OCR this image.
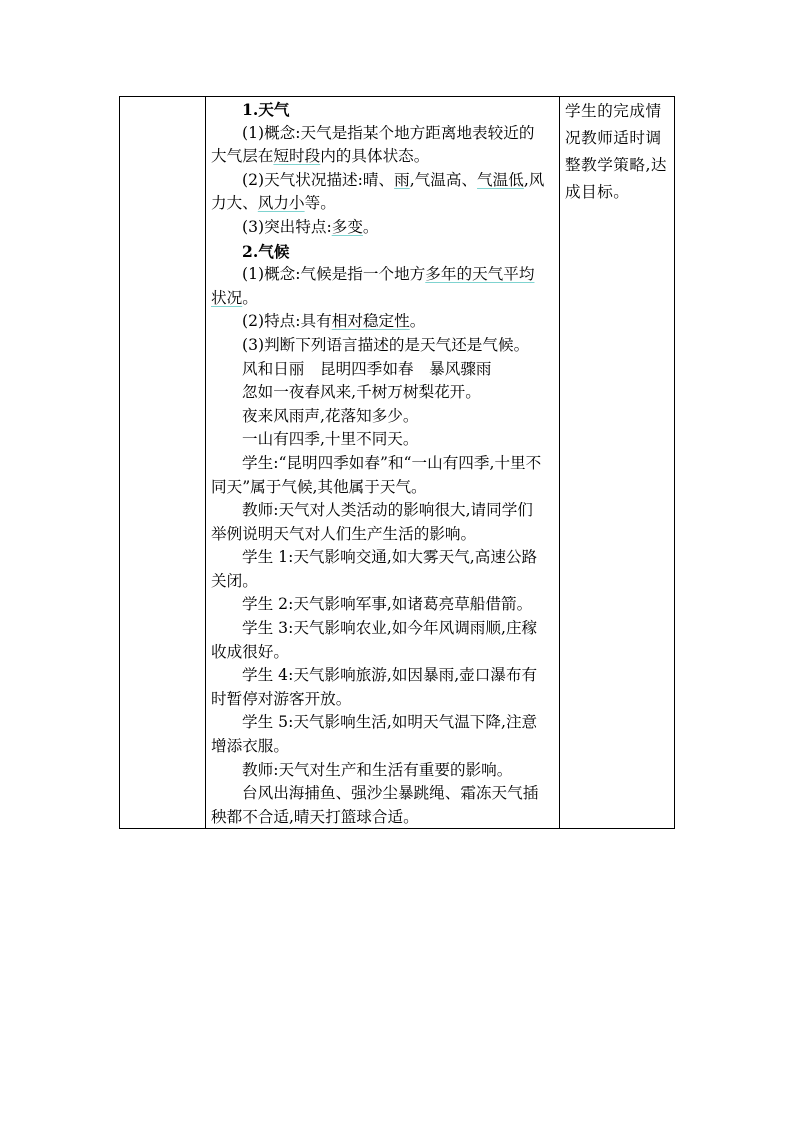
1.天气
(1)概念:天气是指某个地方距离地表较近的
大气层在短时段内的具体状态。
(2)天气状况描述:晴、雨,气温高、气温低,风
力大、风力小等。
(3)突出特点:多变。
2.气候
(1)概念:气候是指一个地方多年的天气平均
状况。
(2)特点:具有相对稳定性。
(3)判断下列语言描述的是天气还是气候。
风和日丽　昆明四季如春　暴风骤雨
忽如一夜春风来,千树万树梨花开。
夜来风雨声,花落知多少。
一山有四季,十里不同天。
学生:“昆明四季如春”和“一山有四季,十里不
同天”属于气候,其他属于天气。
教师:天气对人类活动的影响很大,请同学们
举例说明天气对人们生产生活的影响。
学生 1:天气影响交通,如大雾天气,高速公路
关闭。
学生 2:天气影响军事,如诸葛亮草船借箭。
学生 3:天气影响农业,如今年风调雨顺,庄稼
收成很好。
学生 4:天气影响旅游,如因暴雨,壶口瀑布有
时暂停对游客开放。
学生 5:天气影响生活,如明天气温下降,注意
增添衣服。
教师:天气对生产和生活有重要的影响。
台风出海捕鱼、强沙尘暴跳绳、霜冻天气插
秧都不合适,晴天打篮球合适。
学生的完成情
况教师适时调
整教学策略,达
成目标。
